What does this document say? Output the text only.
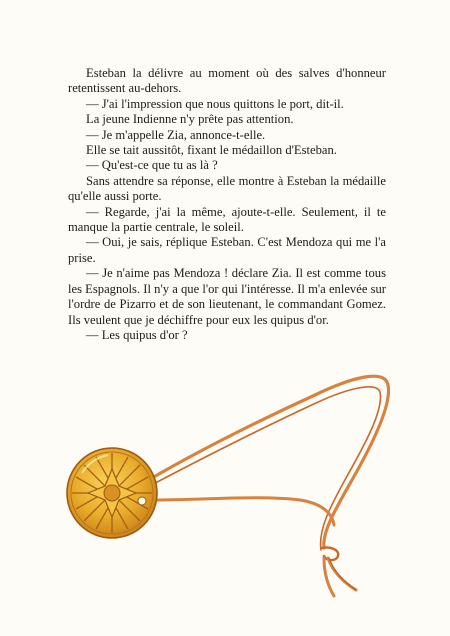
Esteban la délivre au moment où des salves d'honneur retentissent au-dehors.

— J'ai l'impression que nous quittons le port, dit-il.

La jeune Indienne n'y prête pas attention.

— Je m'appelle Zia, annonce-t-elle.

Elle se tait aussitôt, fixant le médaillon d'Esteban.

— Qu'est-ce que tu as là ?

Sans attendre sa réponse, elle montre à Esteban la médaille qu'elle aussi porte.

— Regarde, j'ai la même, ajoute-t-elle. Seulement, il te manque la partie centrale, le soleil.

— Oui, je sais, réplique Esteban. C'est Mendoza qui me l'a prise.

— Je n'aime pas Mendoza ! déclare Zia. Il est comme tous les Espagnols. Il n'y a que l'or qui l'intéresse. Il m'a enlevée sur l'ordre de Pizarro et de son lieutenant, le commandant Gomez. Ils veulent que je déchiffre pour eux les quipus d'or.

— Les quipus d'or ?
